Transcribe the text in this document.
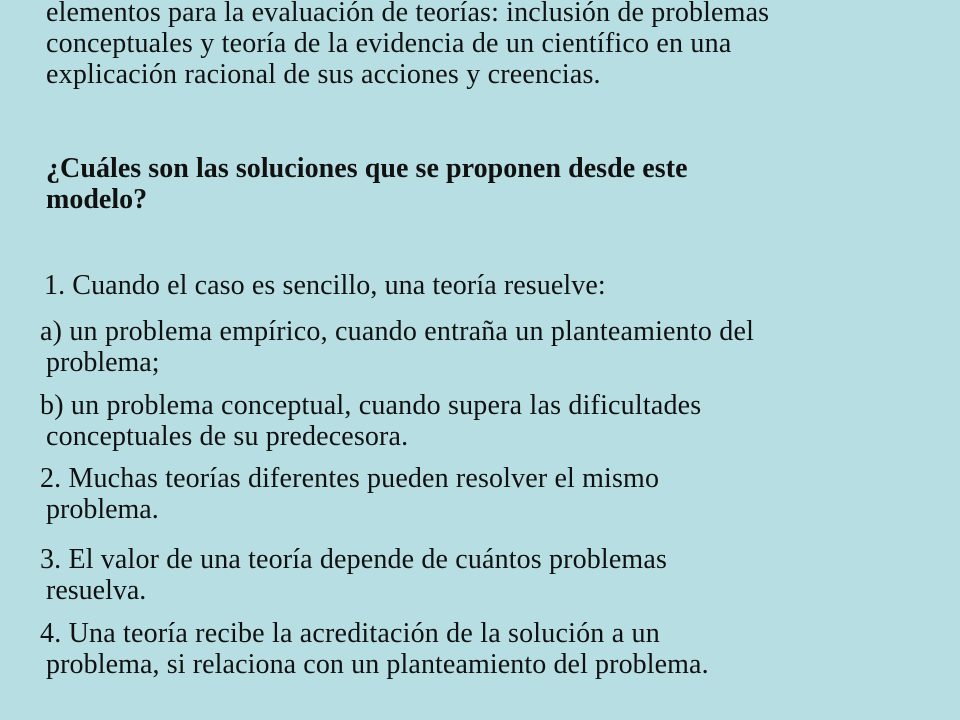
elementos para la evaluación de teorías: inclusión de problemas
conceptuales y teoría de la evidencia de un científico en una
explicación racional de sus acciones y creencias.
¿Cuáles son las soluciones que se proponen desde este
modelo?
1. Cuando el caso es sencillo, una teoría resuelve:
a) un problema empírico, cuando entraña un planteamiento del
problema;
b) un problema conceptual, cuando supera las dificultades
conceptuales de su predecesora.
2. Muchas teorías diferentes pueden resolver el mismo
problema.
3. El valor de una teoría depende de cuántos problemas
resuelva.
4. Una teoría recibe la acreditación de la solución a un
problema, si relaciona con un planteamiento del problema.
